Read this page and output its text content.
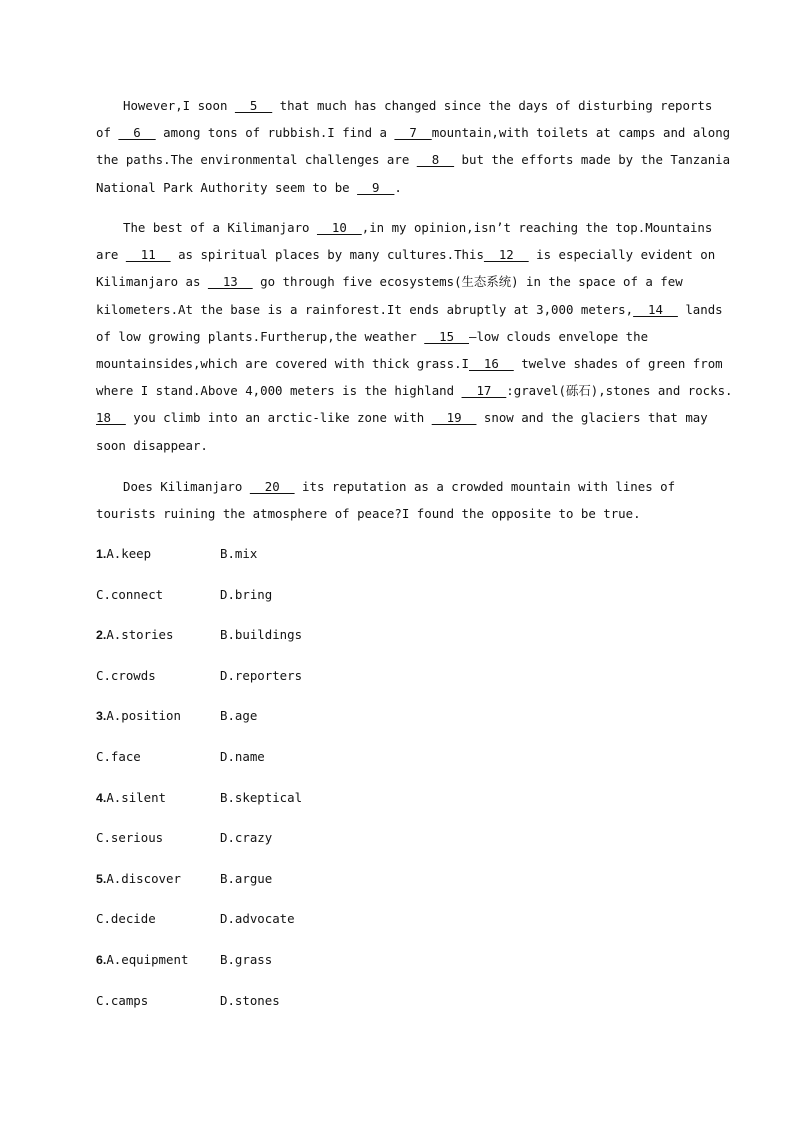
However,I soon   5   that much has changed since the days of disturbing reports
of   6   among tons of rubbish.I find a   7  mountain,with toilets at camps and along
the paths.The environmental challenges are   8   but the efforts made by the Tanzania
National Park Authority seem to be   9  .
The best of a Kilimanjaro   10  ,in my opinion,isn’t reaching the top.Mountains
are   11   as spiritual places by many cultures.This  12   is especially evident on
Kilimanjaro as   13   go through five ecosystems(生态系统) in the space of a few
kilometers.At the base is a rainforest.It ends abruptly at 3,000 meters,  14   lands
of low growing plants.Furtherup,the weather   15  —low clouds envelope the
mountainsides,which are covered with thick grass.I  16   twelve shades of green from
where I stand.Above 4,000 meters is the highland   17  :gravel(砾石),stones and rocks.
18   you climb into an arctic-like zone with   19   snow and the glaciers that may
soon disappear.
Does Kilimanjaro   20   its reputation as a crowded mountain with lines of
tourists ruining the atmosphere of peace?I found the opposite to be true.
1.A.keep	B.mix
C.connect	D.bring
2.A.stories	B.buildings
C.crowds	D.reporters
3.A.position	B.age
C.face	D.name
4.A.silent	B.skeptical
C.serious	D.crazy
5.A.discover	B.argue
C.decide	D.advocate
6.A.equipment	B.grass
C.camps	D.stones
